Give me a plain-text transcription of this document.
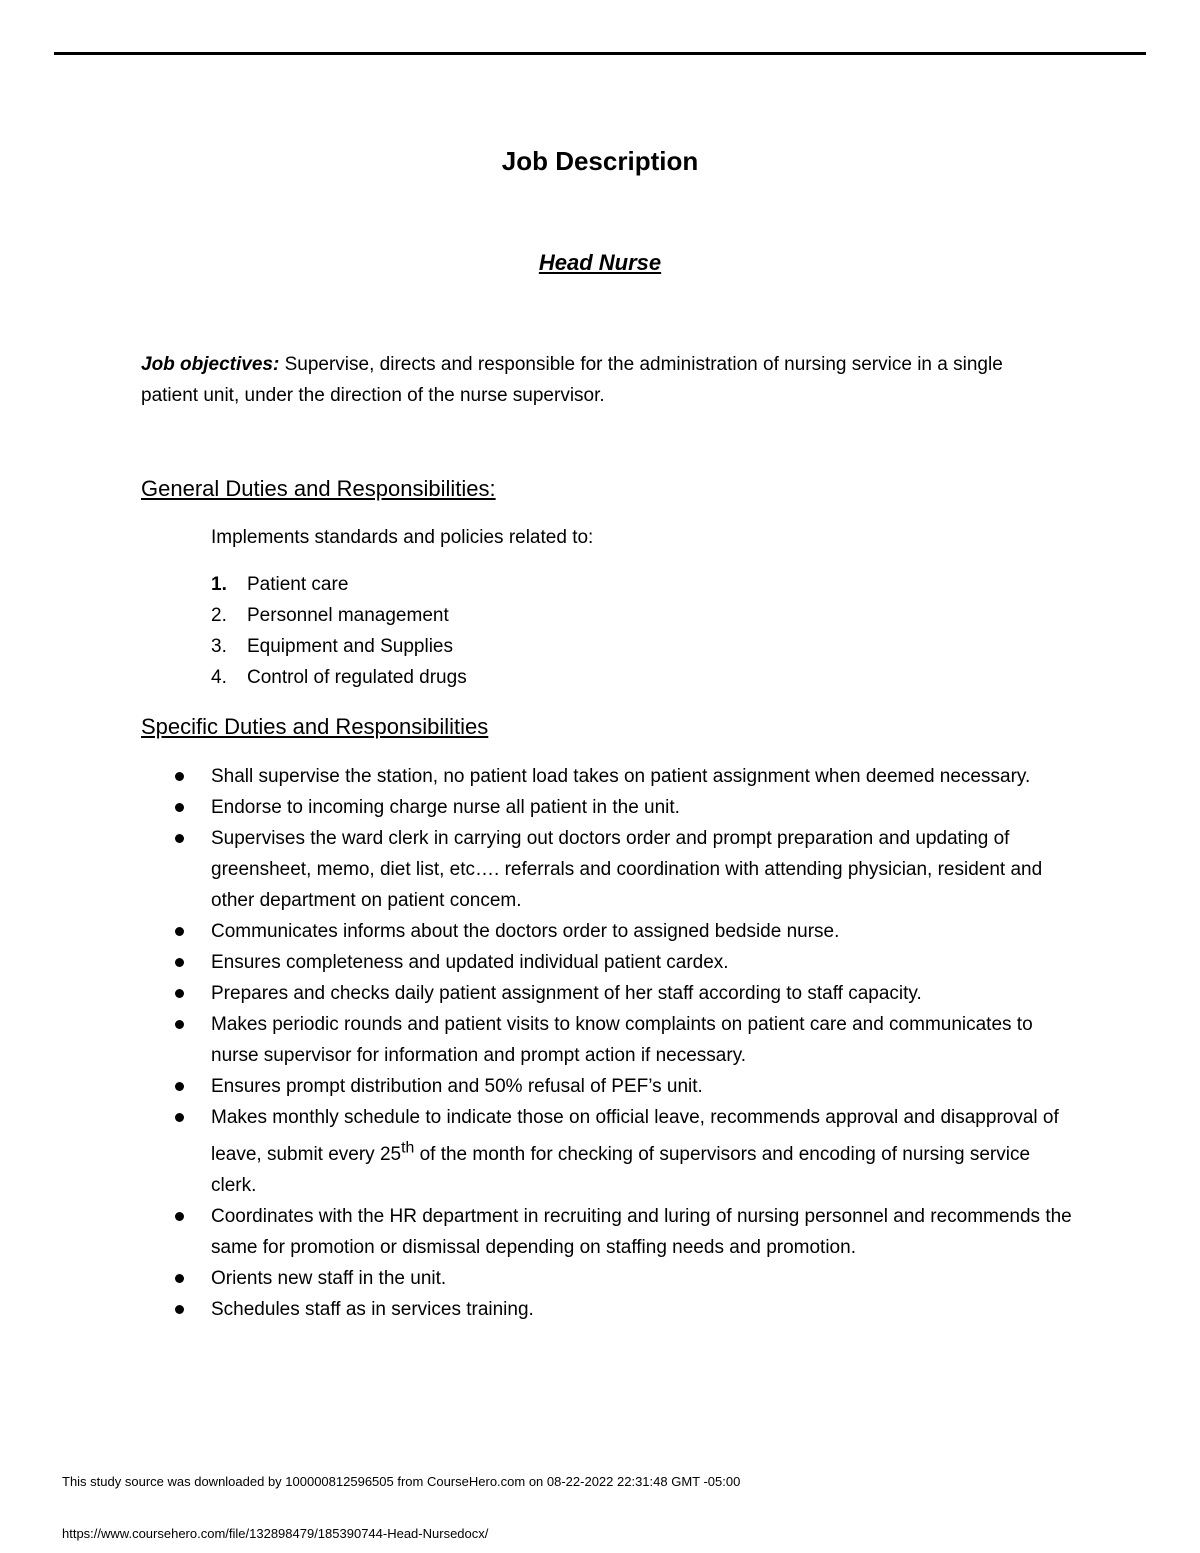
Job Description
Head Nurse
Job objectives: Supervise, directs and responsible for the administration of nursing service in a single patient unit, under the direction of the nurse supervisor.
General Duties and Responsibilities:
Implements standards and policies related to:
1. Patient care
2. Personnel management
3. Equipment and Supplies
4. Control of regulated drugs
Specific Duties and Responsibilities
Shall supervise the station, no patient load takes on patient assignment when deemed necessary.
Endorse to incoming charge nurse all patient in the unit.
Supervises the ward clerk in carrying out doctors order and prompt preparation and updating of greensheet, memo, diet list, etc…. referrals and coordination with attending physician, resident and other department on patient concem.
Communicates informs about the doctors order to assigned bedside nurse.
Ensures completeness and updated individual patient cardex.
Prepares and checks daily patient assignment of her staff according to staff capacity.
Makes periodic rounds and patient visits to know complaints on patient care and communicates to nurse supervisor for information and prompt action if necessary.
Ensures prompt distribution and 50% refusal of PEF’s unit.
Makes monthly schedule to indicate those on official leave, recommends approval and disapproval of leave, submit every 25th of the month for checking of supervisors and encoding of nursing service clerk.
Coordinates with the HR department in recruiting and luring of nursing personnel and recommends the same for promotion or dismissal depending on staffing needs and promotion.
Orients new staff in the unit.
Schedules staff as in services training.
This study source was downloaded by 100000812596505 from CourseHero.com on 08-22-2022 22:31:48 GMT -05:00
https://www.coursehero.com/file/132898479/185390744-Head-Nursedocx/
